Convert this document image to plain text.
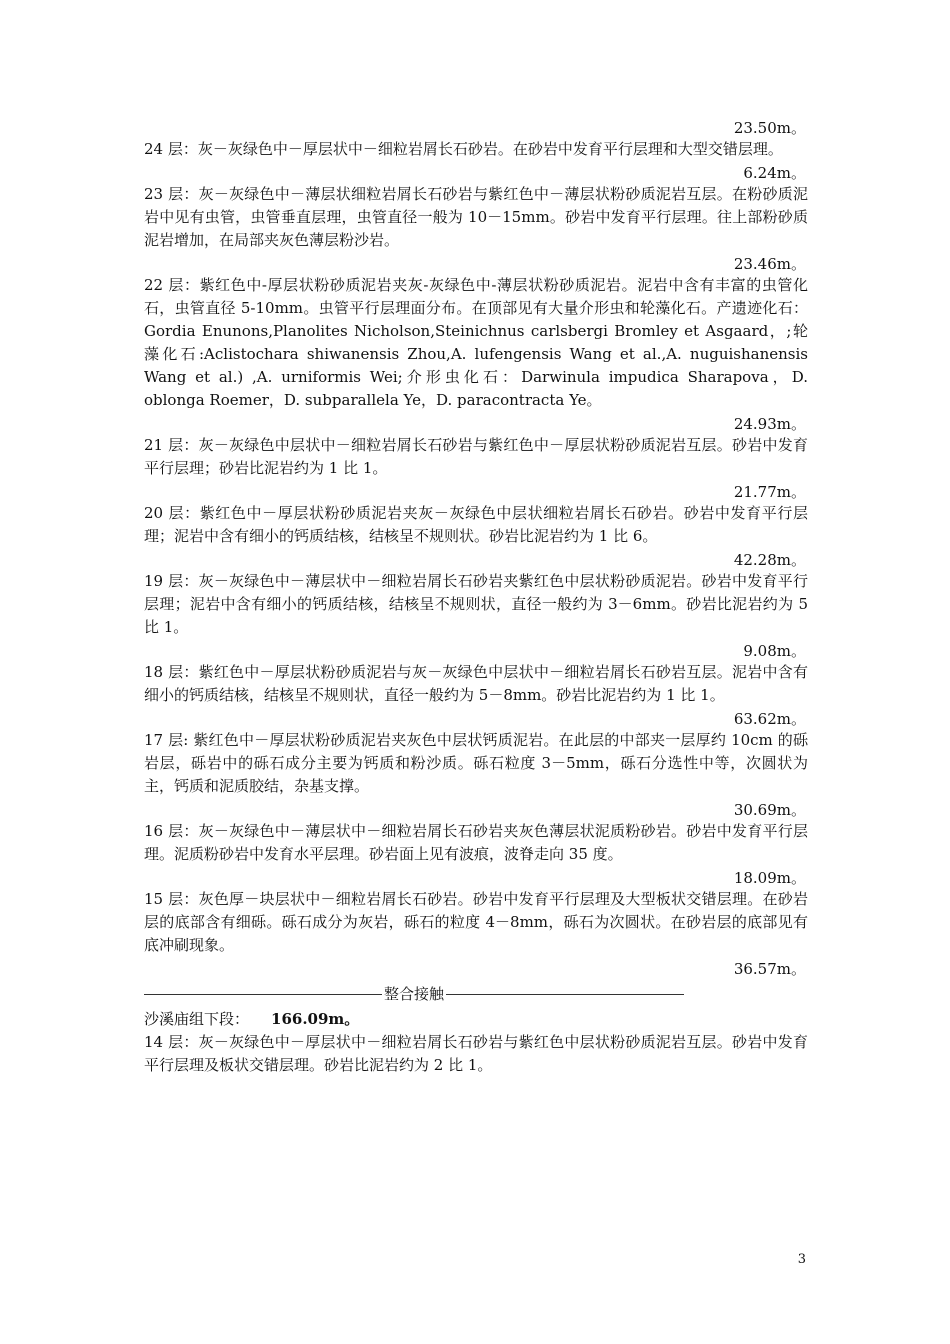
23.50m。

24 层：灰－灰绿色中－厚层状中－细粒岩屑长石砂岩。在砂岩中发育平行层理和大型交错层理。

6.24m。

23 层：灰－灰绿色中－薄层状细粒岩屑长石砂岩与紫红色中－薄层状粉砂质泥岩互层。在粉砂质泥岩中见有虫管，虫管垂直层理，虫管直径一般为 10－15mm。砂岩中发育平行层理。往上部粉砂质泥岩增加，在局部夹灰色薄层粉沙岩。

23.46m。

22 层：紫红色中-厚层状粉砂质泥岩夹灰-灰绿色中-薄层状粉砂质泥岩。泥岩中含有丰富的虫管化石，虫管直径 5-10mm。虫管平行层理面分布。在顶部见有大量介形虫和轮藻化石。产遗迹化石：Gordia Enunons,Planolites Nicholson,Steinichnus carlsbergi Bromley et Asgaard，;轮藻化石:Aclistochara shiwanensis Zhou,A. lufengensis Wang et al.,A. nuguishanensis Wang et al.) ,A. urniformis Wei;介形虫化石：Darwinula impudica Sharapova，D. oblonga Roemer，D. subparallela Ye，D. paracontracta Ye。

24.93m。

21 层：灰－灰绿色中层状中－细粒岩屑长石砂岩与紫红色中－厚层状粉砂质泥岩互层。砂岩中发育平行层理；砂岩比泥岩约为 1 比 1。

21.77m。

20 层：紫红色中－厚层状粉砂质泥岩夹灰－灰绿色中层状细粒岩屑长石砂岩。砂岩中发育平行层理；泥岩中含有细小的钙质结核，结核呈不规则状。砂岩比泥岩约为 1 比 6。

42.28m。

19 层：灰－灰绿色中－薄层状中－细粒岩屑长石砂岩夹紫红色中层状粉砂质泥岩。砂岩中发育平行层理；泥岩中含有细小的钙质结核，结核呈不规则状，直径一般约为 3－6mm。砂岩比泥岩约为 5 比 1。

9.08m。

18 层：紫红色中－厚层状粉砂质泥岩与灰－灰绿色中层状中－细粒岩屑长石砂岩互层。泥岩中含有细小的钙质结核，结核呈不规则状，直径一般约为 5－8mm。砂岩比泥岩约为 1 比 1。

63.62m。

17 层: 紫红色中－厚层状粉砂质泥岩夹灰色中层状钙质泥岩。在此层的中部夹一层厚约 10cm 的砾岩层，砾岩中的砾石成分主要为钙质和粉沙质。砾石粒度 3－5mm，砾石分选性中等，次圆状为主，钙质和泥质胶结，杂基支撑。

30.69m。

16 层：灰－灰绿色中－薄层状中－细粒岩屑长石砂岩夹灰色薄层状泥质粉砂岩。砂岩中发育平行层理。泥质粉砂岩中发育水平层理。砂岩面上见有波痕，波脊走向 35 度。

18.09m。

15 层：灰色厚－块层状中－细粒岩屑长石砂岩。砂岩中发育平行层理及大型板状交错层理。在砂岩层的底部含有细砾。砾石成分为灰岩，砾石的粒度 4－8mm，砾石为次圆状。在砂岩层的底部见有底冲刷现象。

36.57m。
整合接触
沙溪庙组下段： 166.09m。

14 层：灰－灰绿色中－厚层状中－细粒岩屑长石砂岩与紫红色中层状粉砂质泥岩互层。砂岩中发育平行层理及板状交错层理。砂岩比泥岩约为 2 比 1。

3
